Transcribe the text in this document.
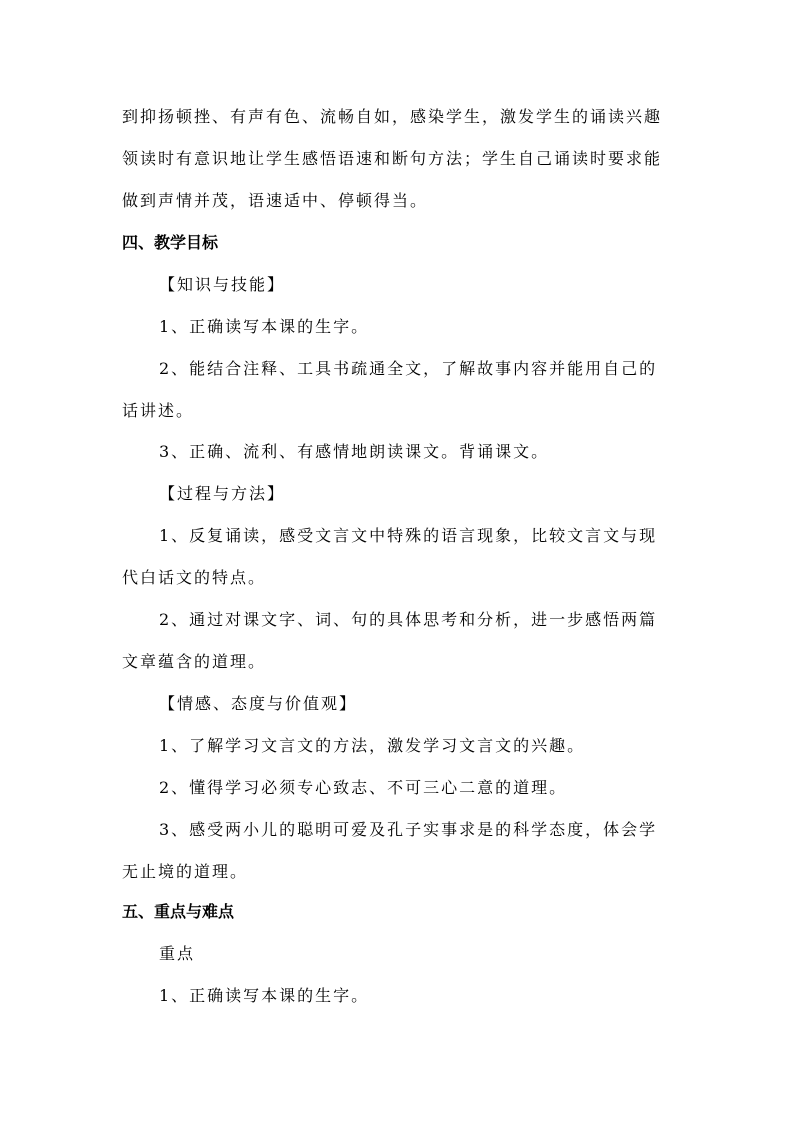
到抑扬顿挫、有声有色、流畅自如，感染学生，激发学生的诵读兴趣
领读时有意识地让学生感悟语速和断句方法；学生自己诵读时要求能
做到声情并茂，语速适中、停顿得当。
四、教学目标
【知识与技能】
1、正确读写本课的生字。
2、能结合注释、工具书疏通全文，了解故事内容并能用自己的
话讲述。
3、正确、流利、有感情地朗读课文。背诵课文。
【过程与方法】
1、反复诵读，感受文言文中特殊的语言现象，比较文言文与现
代白话文的特点。
2、通过对课文字、词、句的具体思考和分析，进一步感悟两篇
文章蕴含的道理。
【情感、态度与价值观】
1、了解学习文言文的方法，激发学习文言文的兴趣。
2、懂得学习必须专心致志、不可三心二意的道理。
3、感受两小儿的聪明可爱及孔子实事求是的科学态度，体会学
无止境的道理。
五、重点与难点
重点
1、正确读写本课的生字。
